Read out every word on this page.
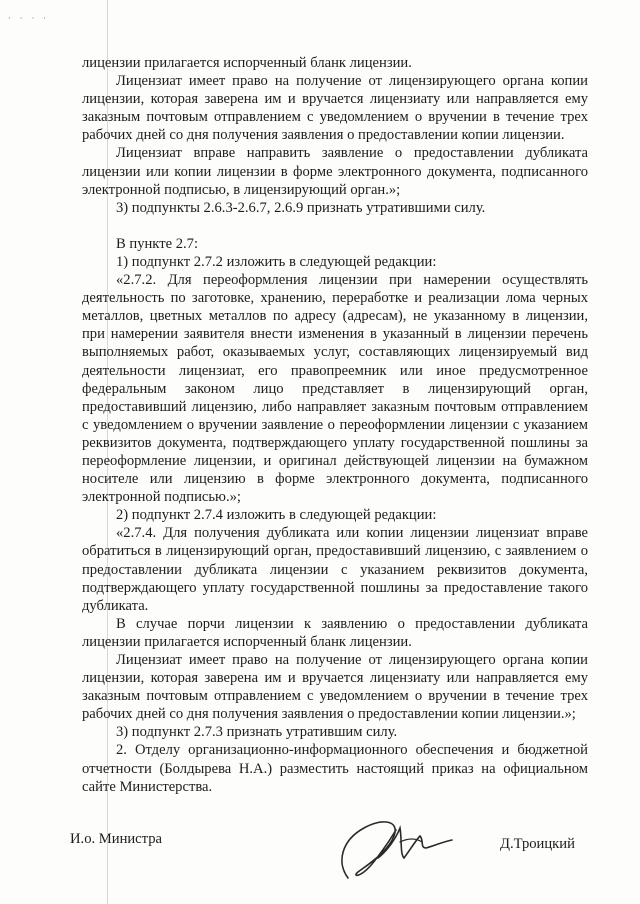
· · · ·

лицензии прилагается испорченный бланк лицензии.

Лицензиат имеет право на получение от лицензирующего органа копии лицензии, которая заверена им и вручается лицензиату или направляется ему заказным почтовым отправлением с уведомлением о вручении в течение трех рабочих дней со дня получения заявления о предоставлении копии лицензии.

Лицензиат вправе направить заявление о предоставлении дубликата лицензии или копии лицензии в форме электронного документа, подписанного электронной подписью, в лицензирующий орган.»;

3) подпункты 2.6.3-2.6.7, 2.6.9 признать утратившими силу.

В пункте 2.7:

1) подпункт 2.7.2 изложить в следующей редакции:

«2.7.2. Для переоформления лицензии при намерении осуществлять деятельность по заготовке, хранению, переработке и реализации лома черных металлов, цветных металлов по адресу (адресам), не указанному в лицензии, при намерении заявителя внести изменения в указанный в лицензии перечень выполняемых работ, оказываемых услуг, составляющих лицензируемый вид деятельности лицензиат, его правопреемник или иное предусмотренное федеральным законом лицо представляет в лицензирующий орган, предоставивший лицензию, либо направляет заказным почтовым отправлением с уведомлением о вручении заявление о переоформлении лицензии с указанием реквизитов документа, подтверждающего уплату государственной пошлины за переоформление лицензии, и оригинал действующей лицензии на бумажном носителе или лицензию в форме электронного документа, подписанного электронной подписью.»;

2) подпункт 2.7.4 изложить в следующей редакции:

«2.7.4. Для получения дубликата или копии лицензии лицензиат вправе обратиться в лицензирующий орган, предоставивший лицензию, с заявлением о предоставлении дубликата лицензии с указанием реквизитов документа, подтверждающего уплату государственной пошлины за предоставление такого дубликата.

В случае порчи лицензии к заявлению о предоставлении дубликата лицензии прилагается испорченный бланк лицензии.

Лицензиат имеет право на получение от лицензирующего органа копии лицензии, которая заверена им и вручается лицензиату или направляется ему заказным почтовым отправлением с уведомлением о вручении в течение трех рабочих дней со дня получения заявления о предоставлении копии лицензии.»;

3) подпункт 2.7.3 признать утратившим силу.

2. Отделу организационно-информационного обеспечения и бюджетной отчетности (Болдырева Н.А.) разместить настоящий приказ на официальном сайте Министерства.

И.о. Министра	Д.Троицкий
